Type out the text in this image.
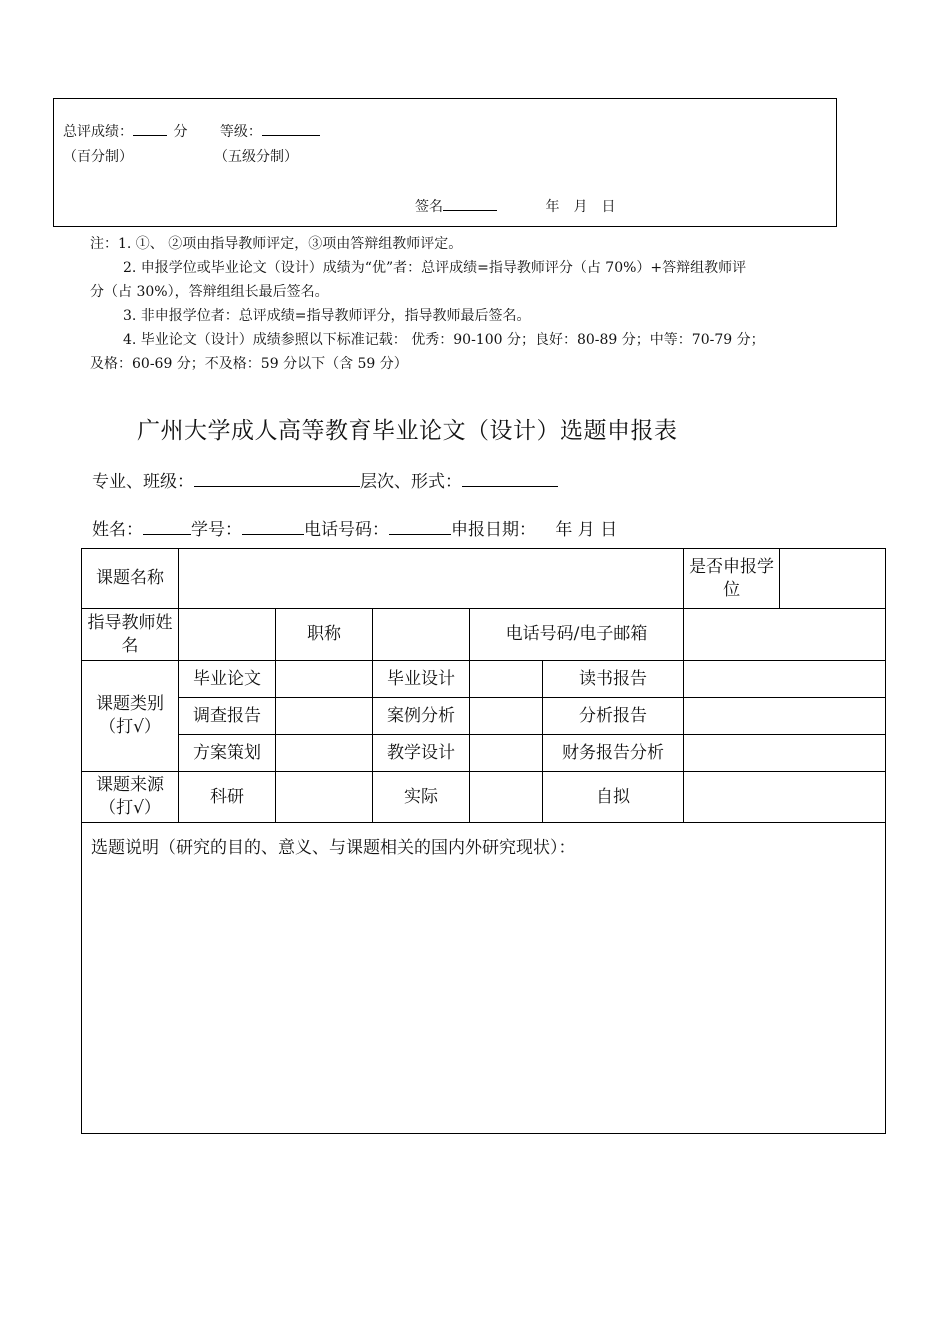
总评成绩：	分 等级：
（百分制）	（五级分制）
签名	年　月　日

注：1. ①、 ②项由指导教师评定，③项由答辩组教师评定。

2. 申报学位或毕业论文（设计）成绩为“优”者：总评成绩=指导教师评分（占 70%）+答辩组教师评

分（占 30%），答辩组组长最后签名。

3. 非申报学位者：总评成绩=指导教师评分，指导教师最后签名。

4. 毕业论文（设计）成绩参照以下标准记载： 优秀：90-100 分；良好：80-89 分；中等：70-79 分；

及格：60-69 分；不及格：59 分以下（含 59 分）

广州大学成人高等教育毕业论文（设计）选题申报表
专业、班级：	层次、形式：
姓名：	学号：	电话号码：	申报日期： 年 月 日
课题名称						是否申报学位	
指导教师姓名		职称		电话号码/电子邮箱			
课题类别（打√）	毕业论文		毕业设计		读书报告		
	调查报告		案例分析		分析报告		
	方案策划		教学设计		财务报告分析		
课题来源（打√）	科研		实际		自拟		
选题说明（研究的目的、意义、与课题相关的国内外研究现状）：							
